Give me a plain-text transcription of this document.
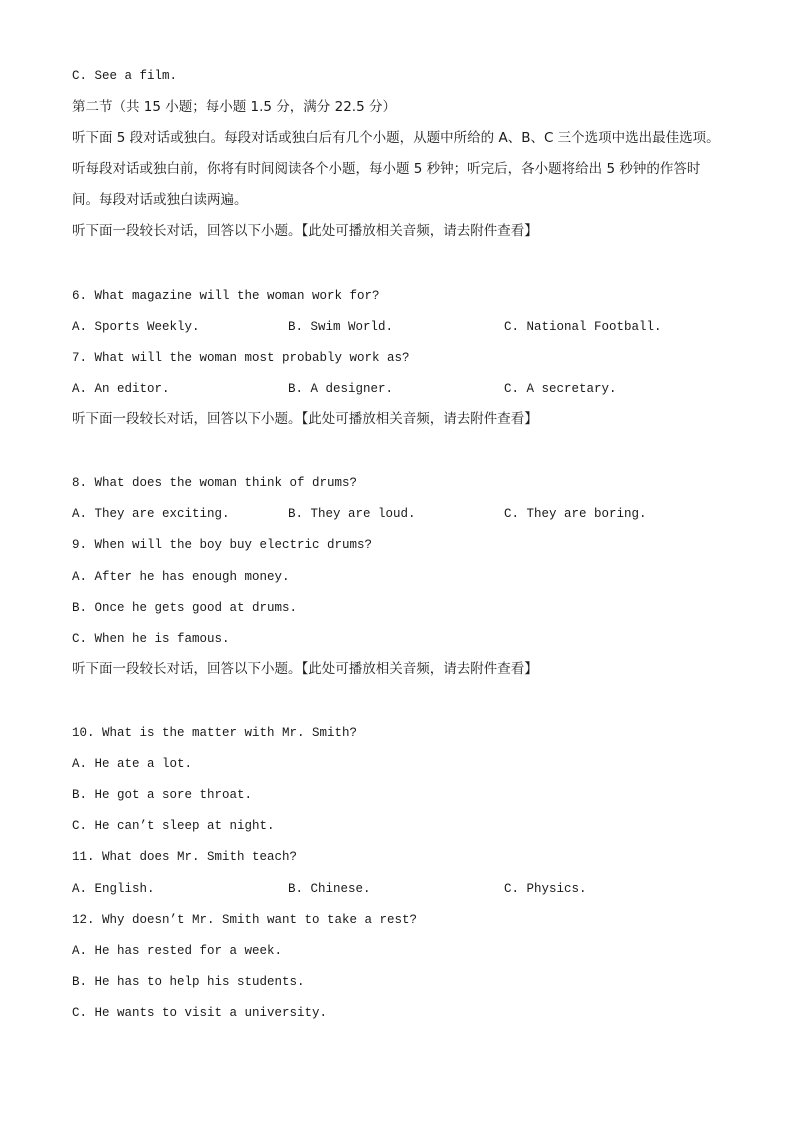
C. See a film.
第二节（共 15 小题；每小题 1.5 分，满分 22.5 分）
听下面 5 段对话或独白。每段对话或独白后有几个小题，从题中所给的 A、B、C 三个选项中选出最佳选项。
听每段对话或独白前，你将有时间阅读各个小题，每小题 5 秒钟；听完后，各小题将给出 5 秒钟的作答时
间。每段对话或独白读两遍。
听下面一段较长对话，回答以下小题。【此处可播放相关音频，请去附件查看】
6. What magazine will the woman work for?
A. Sports Weekly.	B. Swim World.	C. National Football.
7. What will the woman most probably work as?
A. An editor.	B. A designer.	C. A secretary.
听下面一段较长对话，回答以下小题。【此处可播放相关音频，请去附件查看】
8. What does the woman think of drums?
A. They are exciting.	B. They are loud.	C. They are boring.
9. When will the boy buy electric drums?
A. After he has enough money.
B. Once he gets good at drums.
C. When he is famous.
听下面一段较长对话，回答以下小题。【此处可播放相关音频，请去附件查看】
10. What is the matter with Mr. Smith?
A. He ate a lot.
B. He got a sore throat.
C. He can’t sleep at night.
11. What does Mr. Smith teach?
A. English.	B. Chinese.	C. Physics.
12. Why doesn’t Mr. Smith want to take a rest?
A. He has rested for a week.
B. He has to help his students.
C. He wants to visit a university.
